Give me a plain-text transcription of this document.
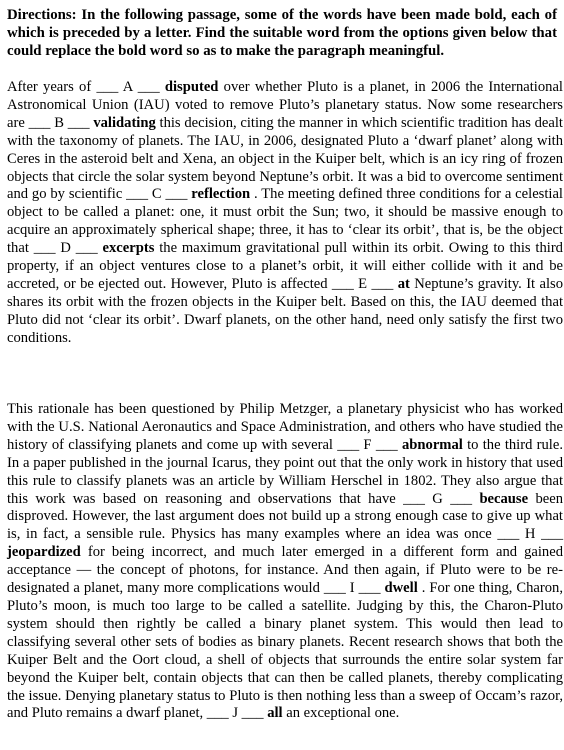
Directions: In the following passage, some of the words have been made bold, each of which is preceded by a letter. Find the suitable word from the options given below that could replace the bold word so as to make the paragraph meaningful.
After years of ___ A ___ disputed over whether Pluto is a planet, in 2006 the International Astronomical Union (IAU) voted to remove Pluto’s planetary status. Now some researchers are ___ B ___ validating this decision, citing the manner in which scientific tradition has dealt with the taxonomy of planets. The IAU, in 2006, designated Pluto a ‘dwarf planet’ along with Ceres in the asteroid belt and Xena, an object in the Kuiper belt, which is an icy ring of frozen objects that circle the solar system beyond Neptune’s orbit. It was a bid to overcome sentiment and go by scientific ___ C ___ reflection . The meeting defined three conditions for a celestial object to be called a planet: one, it must orbit the Sun; two, it should be massive enough to acquire an approximately spherical shape; three, it has to ‘clear its orbit’, that is, be the object that ___ D ___ excerpts the maximum gravitational pull within its orbit. Owing to this third property, if an object ventures close to a planet’s orbit, it will either collide with it and be accreted, or be ejected out. However, Pluto is affected ___ E ___ at Neptune’s gravity. It also shares its orbit with the frozen objects in the Kuiper belt. Based on this, the IAU deemed that Pluto did not ‘clear its orbit’. Dwarf planets, on the other hand, need only satisfy the first two conditions.
This rationale has been questioned by Philip Metzger, a planetary physicist who has worked with the U.S. National Aeronautics and Space Administration, and others who have studied the history of classifying planets and come up with several ___ F ___ abnormal to the third rule. In a paper published in the journal Icarus, they point out that the only work in history that used this rule to classify planets was an article by William Herschel in 1802. They also argue that this work was based on reasoning and observations that have ___ G ___ because been disproved. However, the last argument does not build up a strong enough case to give up what is, in fact, a sensible rule. Physics has many examples where an idea was once ___ H ___ jeopardized for being incorrect, and much later emerged in a different form and gained acceptance — the concept of photons, for instance. And then again, if Pluto were to be re-designated a planet, many more complications would ___ I ___ dwell . For one thing, Charon, Pluto’s moon, is much too large to be called a satellite. Judging by this, the Charon-Pluto system should then rightly be called a binary planet system. This would then lead to classifying several other sets of bodies as binary planets. Recent research shows that both the Kuiper Belt and the Oort cloud, a shell of objects that surrounds the entire solar system far beyond the Kuiper belt, contain objects that can then be called planets, thereby complicating the issue. Denying planetary status to Pluto is then nothing less than a sweep of Occam’s razor, and Pluto remains a dwarf planet, ___ J ___ all an exceptional one.
